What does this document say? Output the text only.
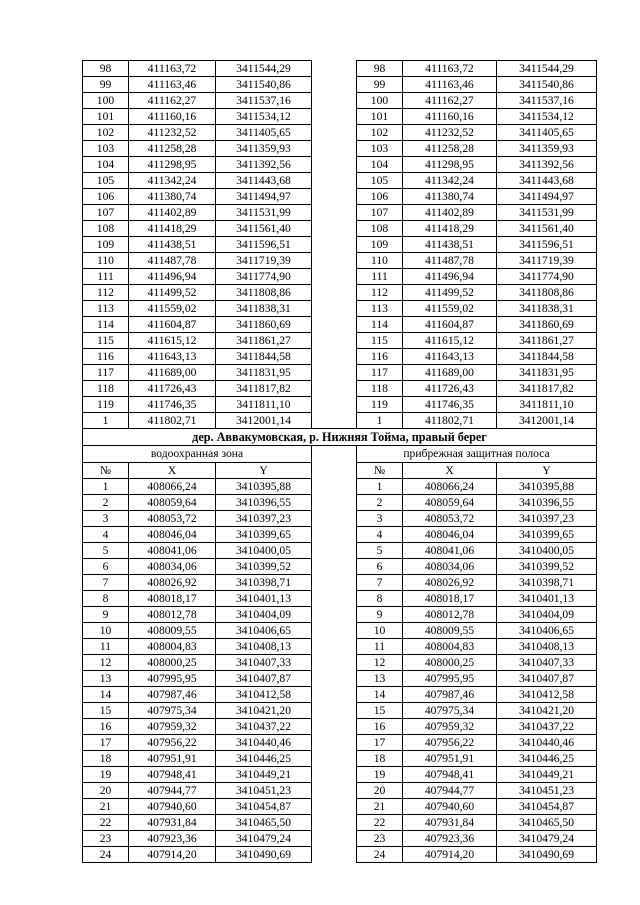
98	411163,72	3411544,29		98	411163,72	3411544,29
99	411163,46	3411540,86		99	411163,46	3411540,86
100	411162,27	3411537,16		100	411162,27	3411537,16
101	411160,16	3411534,12		101	411160,16	3411534,12
102	411232,52	3411405,65		102	411232,52	3411405,65
103	411258,28	3411359,93		103	411258,28	3411359,93
104	411298,95	3411392,56		104	411298,95	3411392,56
105	411342,24	3411443,68		105	411342,24	3411443,68
106	411380,74	3411494,97		106	411380,74	3411494,97
107	411402,89	3411531,99		107	411402,89	3411531,99
108	411418,29	3411561,40		108	411418,29	3411561,40
109	411438,51	3411596,51		109	411438,51	3411596,51
110	411487,78	3411719,39		110	411487,78	3411719,39
111	411496,94	3411774,90		111	411496,94	3411774,90
112	411499,52	3411808,86		112	411499,52	3411808,86
113	411559,02	3411838,31		113	411559,02	3411838,31
114	411604,87	3411860,69		114	411604,87	3411860,69
115	411615,12	3411861,27		115	411615,12	3411861,27
116	411643,13	3411844,58		116	411643,13	3411844,58
117	411689,00	3411831,95		117	411689,00	3411831,95
118	411726,43	3411817,82		118	411726,43	3411817,82
119	411746,35	3411811,10		119	411746,35	3411811,10
1	411802,71	3412001,14		1	411802,71	3412001,14
дер. Аввакумовская, р. Нижняя Тойма, правый берег						
водоохранная зона				прибрежная защитная полоса		
№	X	Y		№	X	Y
1	408066,24	3410395,88		1	408066,24	3410395,88
2	408059,64	3410396,55		2	408059,64	3410396,55
3	408053,72	3410397,23		3	408053,72	3410397,23
4	408046,04	3410399,65		4	408046,04	3410399,65
5	408041,06	3410400,05		5	408041,06	3410400,05
6	408034,06	3410399,52		6	408034,06	3410399,52
7	408026,92	3410398,71		7	408026,92	3410398,71
8	408018,17	3410401,13		8	408018,17	3410401,13
9	408012,78	3410404,09		9	408012,78	3410404,09
10	408009,55	3410406,65		10	408009,55	3410406,65
11	408004,83	3410408,13		11	408004,83	3410408,13
12	408000,25	3410407,33		12	408000,25	3410407,33
13	407995,95	3410407,87		13	407995,95	3410407,87
14	407987,46	3410412,58		14	407987,46	3410412,58
15	407975,34	3410421,20		15	407975,34	3410421,20
16	407959,32	3410437,22		16	407959,32	3410437,22
17	407956,22	3410440,46		17	407956,22	3410440,46
18	407951,91	3410446,25		18	407951,91	3410446,25
19	407948,41	3410449,21		19	407948,41	3410449,21
20	407944,77	3410451,23		20	407944,77	3410451,23
21	407940,60	3410454,87		21	407940,60	3410454,87
22	407931,84	3410465,50		22	407931,84	3410465,50
23	407923,36	3410479,24		23	407923,36	3410479,24
24	407914,20	3410490,69		24	407914,20	3410490,69
